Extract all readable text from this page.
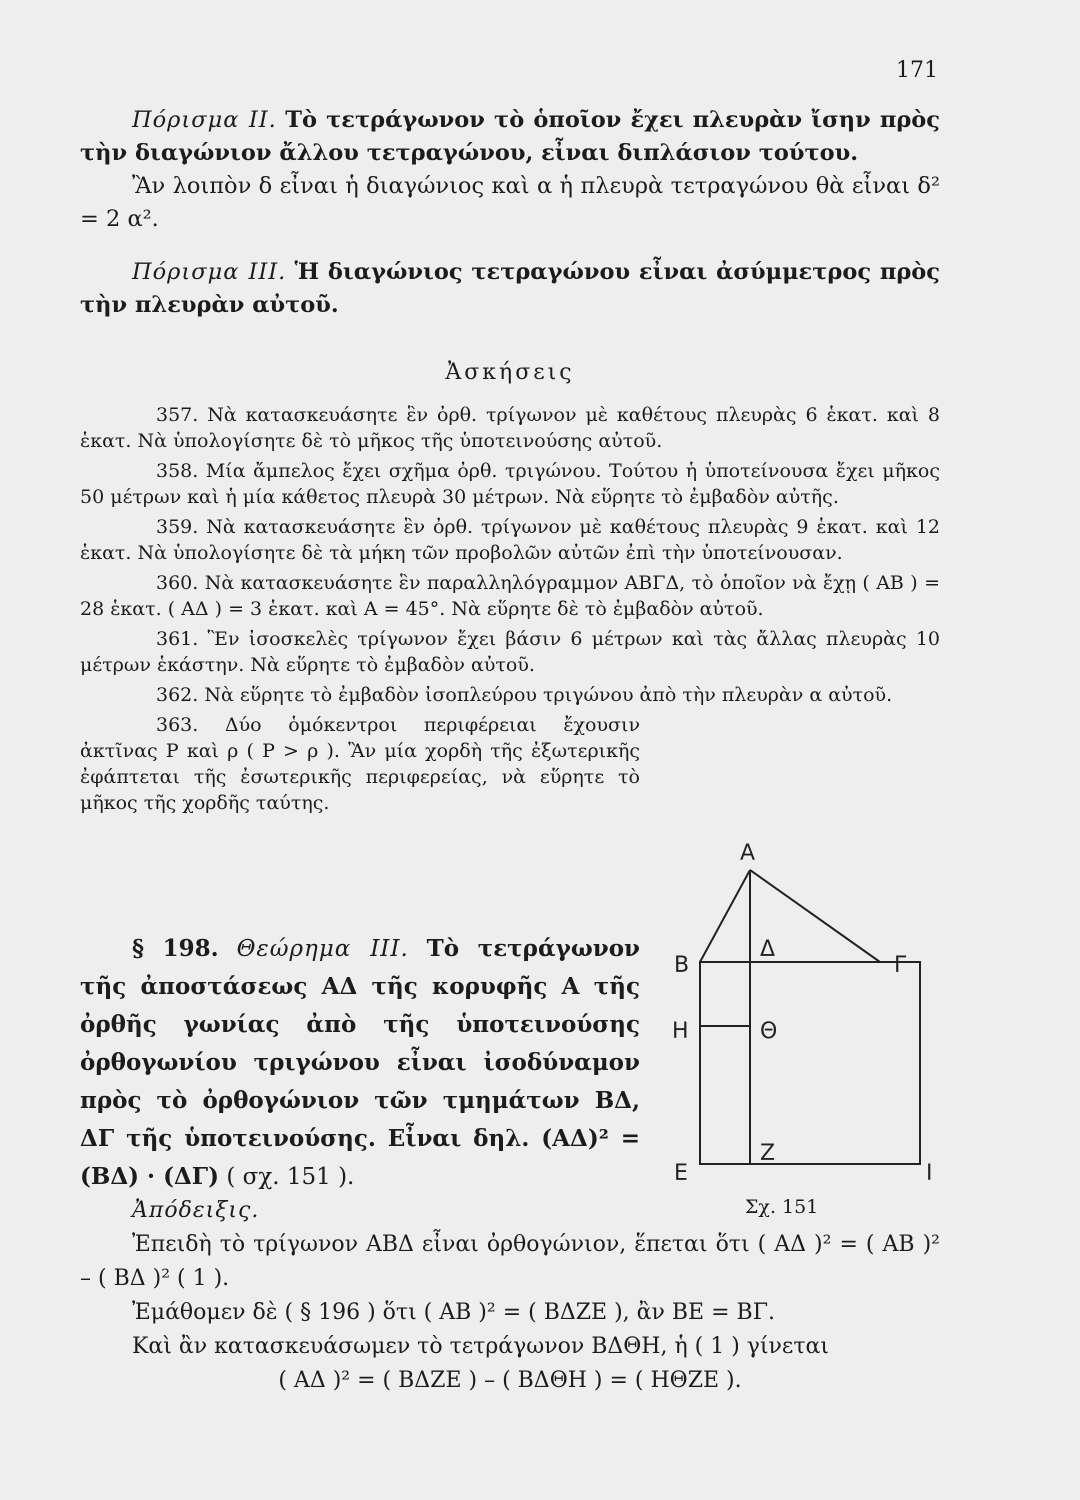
171

Πόρισμα ΙΙ. Τὸ τετράγωνον τὸ ὁποῖον ἔχει πλευρὰν ἴσην πρὸς τὴν διαγώνιον ἄλλου τετραγώνου, εἶναι διπλάσιον τούτου.

Ἂν λοιπὸν δ εἶναι ἡ διαγώνιος καὶ α ἡ πλευρὰ τετραγώνου θὰ εἶναι δ² = 2 α².

Πόρισμα ΙΙΙ. Ἡ διαγώνιος τετραγώνου εἶναι ἀσύμμετρος πρὸς τὴν πλευρὰν αὐτοῦ.

Ἀσκήσεις

357. Νὰ κατασκευάσητε ἓν ὀρθ. τρίγωνον μὲ καθέτους πλευρὰς 6 ἑκατ. καὶ 8 ἑκατ. Νὰ ὑπολογίσητε δὲ τὸ μῆκος τῆς ὑποτεινούσης αὐτοῦ.

358. Μία ἄμπελος ἔχει σχῆμα ὀρθ. τριγώνου. Τούτου ἡ ὑποτείνουσα ἔχει μῆκος 50 μέτρων καὶ ἡ μία κάθετος πλευρὰ 30 μέτρων. Νὰ εὕρητε τὸ ἐμβαδὸν αὐτῆς.

359. Νὰ κατασκευάσητε ἓν ὀρθ. τρίγωνον μὲ καθέτους πλευρὰς 9 ἑκατ. καὶ 12 ἑκατ. Νὰ ὑπολογίσητε δὲ τὰ μήκη τῶν προβολῶν αὐτῶν ἐπὶ τὴν ὑποτείνουσαν.

360. Νὰ κατασκευάσητε ἓν παραλληλόγραμμον ΑΒΓΔ, τὸ ὁποῖον νὰ ἔχῃ ( ΑΒ ) = 28 ἑκατ. ( ΑΔ ) = 3 ἑκατ. καὶ Α = 45°. Νὰ εὕρητε δὲ τὸ ἐμβαδὸν αὐτοῦ.

361. Ἓν ἰσοσκελὲς τρίγωνον ἔχει βάσιν 6 μέτρων καὶ τὰς ἄλλας πλευρὰς 10 μέτρων ἑκάστην. Νὰ εὕρητε τὸ ἐμβαδὸν αὐτοῦ.

362. Νὰ εὕρητε τὸ ἐμβαδὸν ἰσοπλεύρου τριγώνου ἀπὸ τὴν πλευρὰν α αὐτοῦ.

363. Δύο ὁμόκεντροι περιφέρειαι ἔχουσιν ἀκτῖνας Ρ καὶ ρ ( Ρ > ρ ). Ἂν μία χορδὴ τῆς ἐξωτερικῆς ἐφάπτεται τῆς ἐσωτερικῆς περιφερείας, νὰ εὕρητε τὸ μῆκος τῆς χορδῆς ταύτης.

§ 198. Θεώρημα ΙΙΙ. Τὸ τετράγωνον τῆς ἀποστάσεως ΑΔ τῆς κορυφῆς Α τῆς ὀρθῆς γωνίας ἀπὸ τῆς ὑποτεινούσης ὀρθογωνίου τριγώνου εἶναι ἰσοδύναμον πρὸς τὸ ὀρθογώνιον τῶν τμημάτων ΒΔ, ΔΓ τῆς ὑποτεινούσης. Εἶναι δηλ. (ΑΔ)² = (ΒΔ) · (ΔΓ) ( σχ. 151 ).

Ἀπόδειξις.

Ἐπειδὴ τὸ τρίγωνον ΑΒΔ εἶναι ὀρθογώνιον, ἕπεται ὅτι ( ΑΔ )² = ( ΑΒ )² – ( ΒΔ )² ( 1 ).

Ἐμάθομεν δὲ ( § 196 ) ὅτι ( ΑΒ )² = ( ΒΔΖΕ ), ἂν ΒΕ = ΒΓ.

Καὶ ἂν κατασκευάσωμεν τὸ τετράγωνον ΒΔΘΗ, ἡ ( 1 ) γίνεται

( ΑΔ )² = ( ΒΔΖΕ ) – ( ΒΔΘΗ ) = ( ΗΘΖΕ ).

Α
Β	Γ
Δ
Η	Θ
Ε
Ζ
Ι
Σχ. 151
